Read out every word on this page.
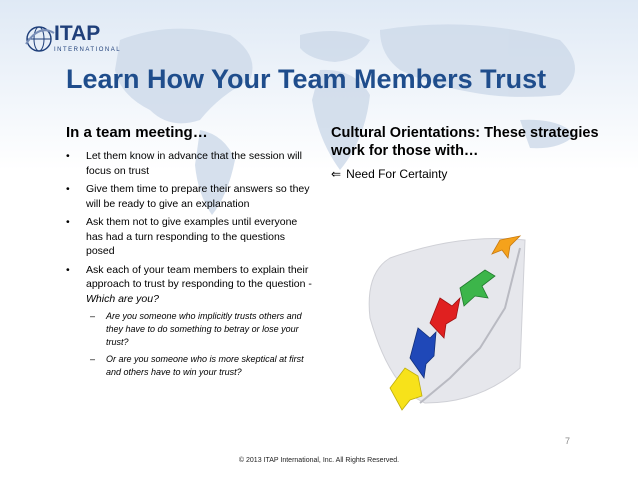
ITAP
INTERNATIONAL
Learn How Your Team Members Trust
In a team meeting…
• Let them know in advance that the session will focus on trust
• Give them time to prepare their answers so they will be ready to give an explanation
• Ask them not to give examples until everyone has had a turn responding to the questions posed
• Ask each of your team members to explain their approach to trust by responding to the question - Which are you?
– Are you someone who implicitly trusts others and they have to do something to betray or lose your trust?
– Or are you someone who is more skeptical at first and others have to win your trust?
Cultural Orientations: These strategies work for those with…
⇐ Need For Certainty
7
© 2013 ITAP International, Inc. All Rights Reserved.
